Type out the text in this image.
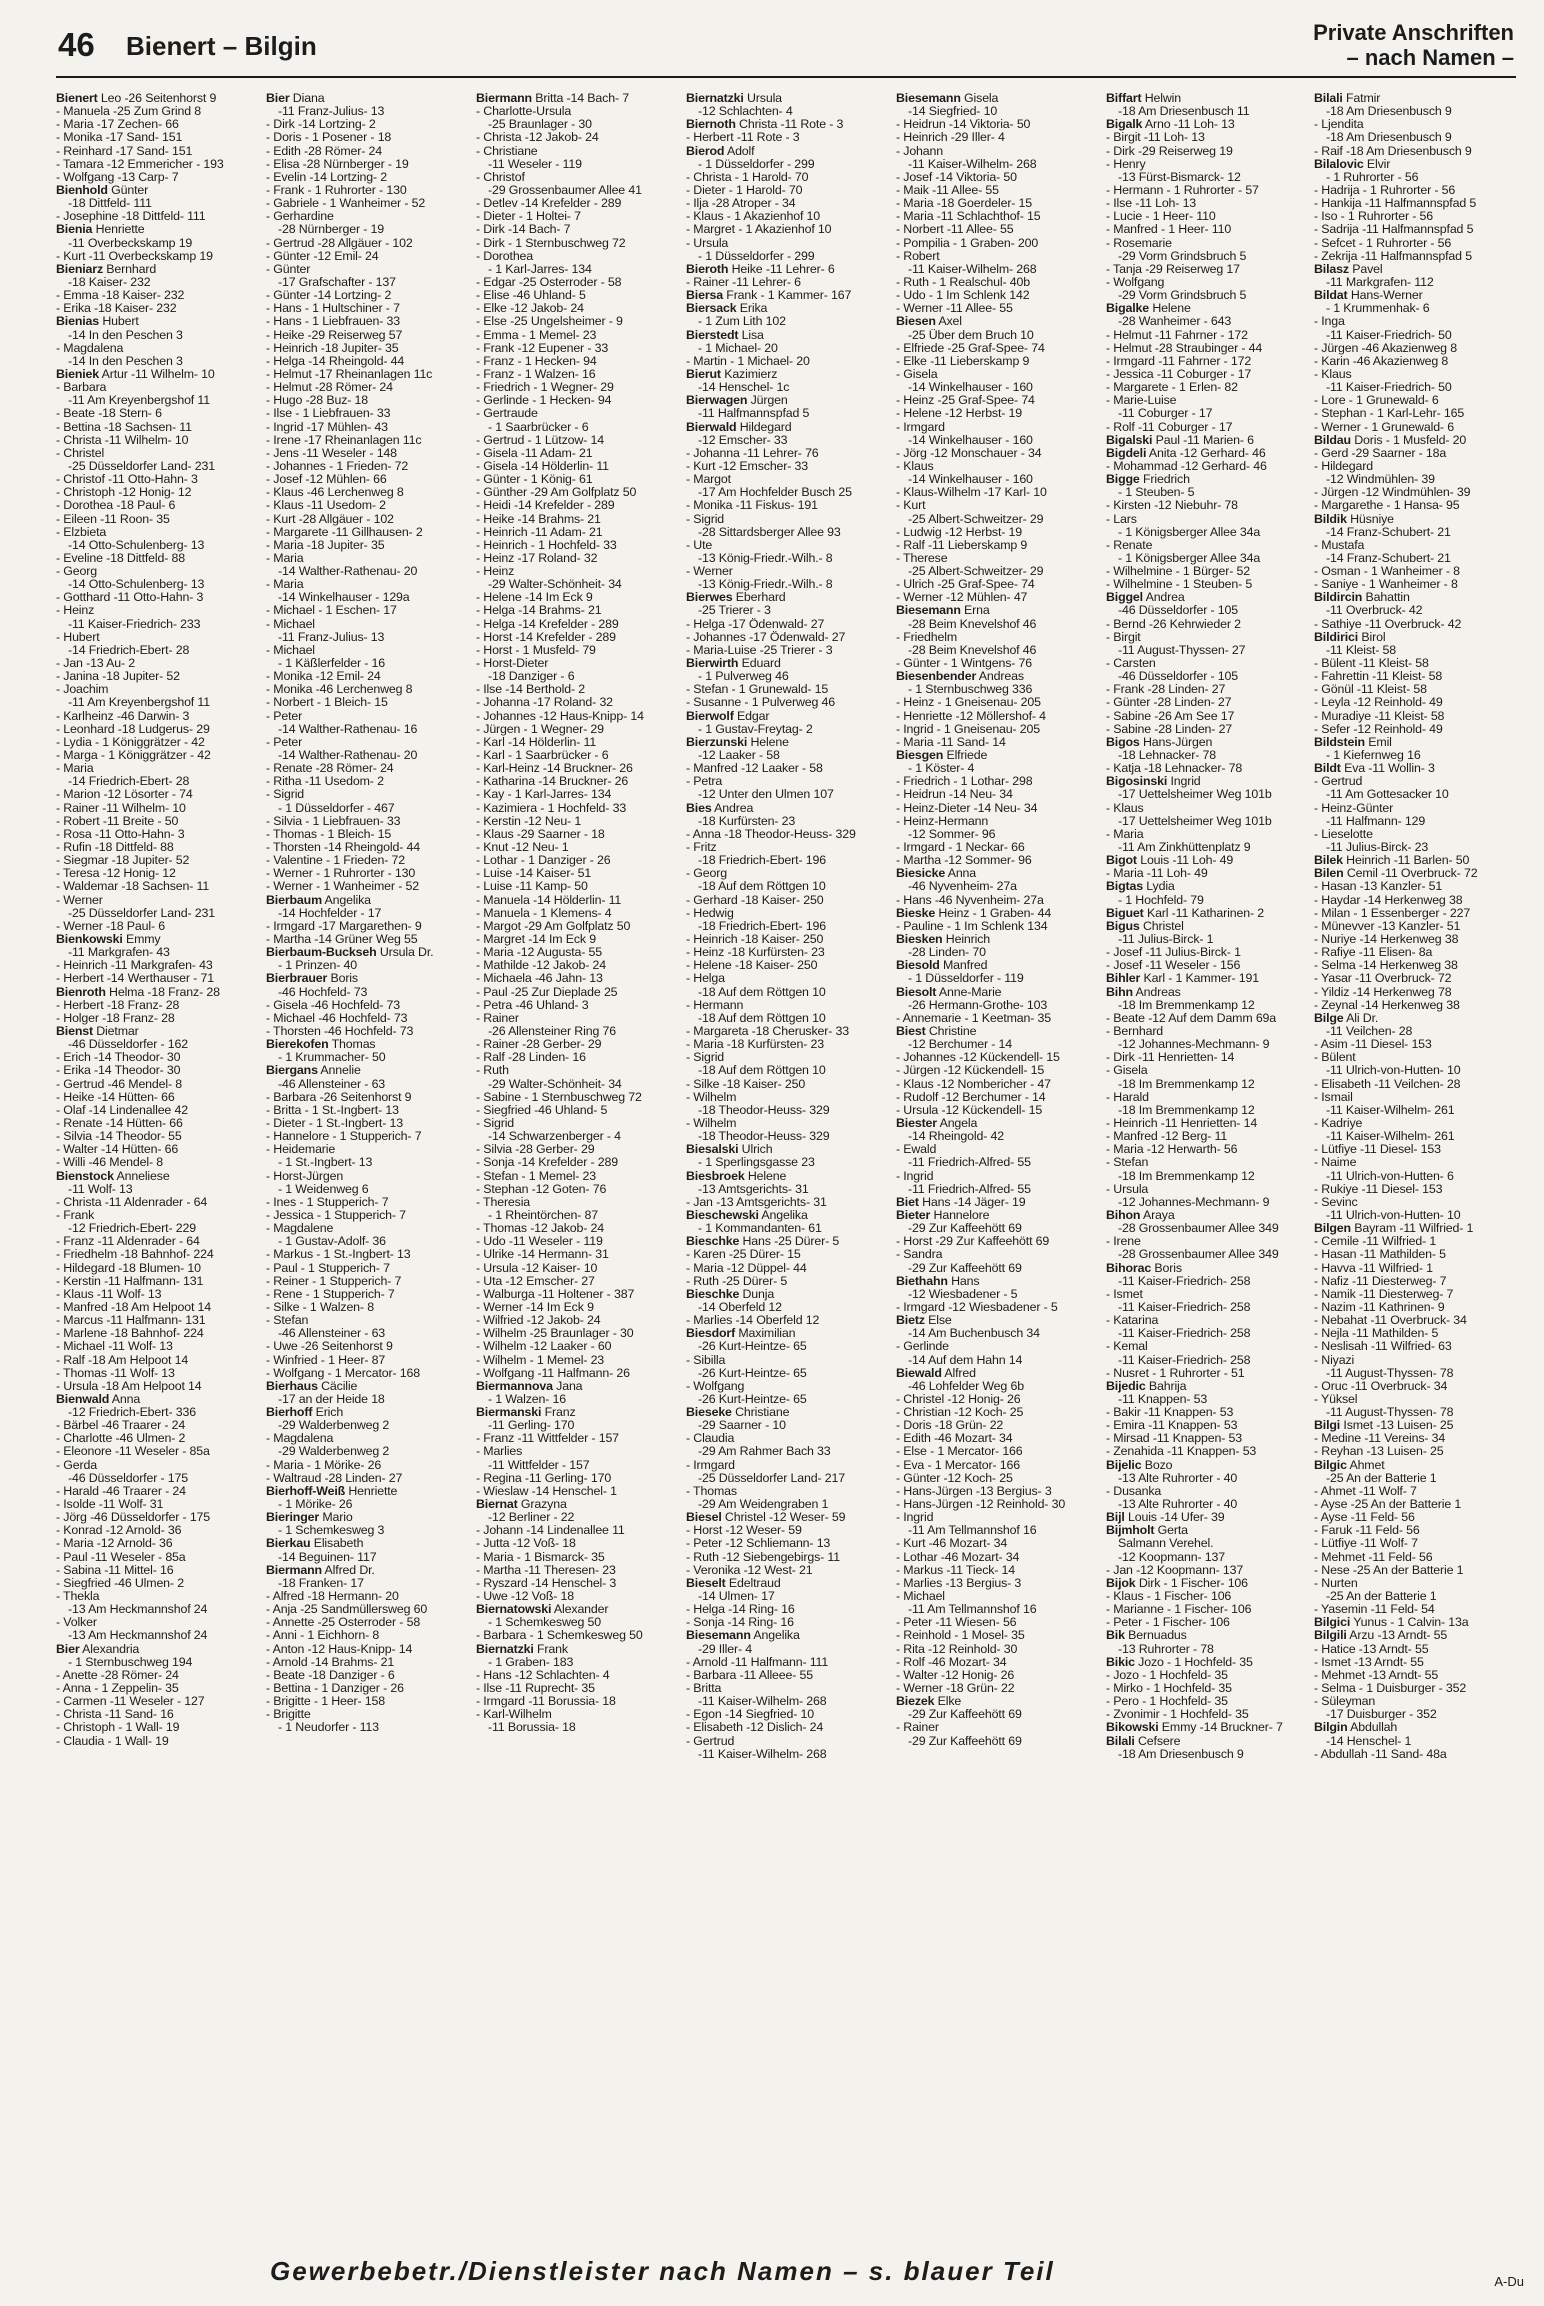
46 Bienert – Bilgin	Private Anschriften
– nach Namen –
Bienert Leo -26 Seitenhorst 9
- Manuela -25 Zum Grind 8
- Maria -17 Zechen- 66
- Monika -17 Sand- 151
- Reinhard -17 Sand- 151
- Tamara -12 Emmericher - 193
- Wolfgang -13 Carp- 7
Bienhold Günter
-18 Dittfeld- 111
- Josephine -18 Dittfeld- 111
Bienia Henriette
-11 Overbeckskamp 19
- Kurt -11 Overbeckskamp 19
Bieniarz Bernhard
-18 Kaiser- 232
- Emma -18 Kaiser- 232
- Erika -18 Kaiser- 232
Bienias Hubert
-14 In den Peschen 3
- Magdalena
-14 In den Peschen 3
Bieniek Artur -11 Wilhelm- 10
- Barbara
-11 Am Kreyenbergshof 11
- Beate -18 Stern- 6
- Bettina -18 Sachsen- 11
- Christa -11 Wilhelm- 10
- Christel
-25 Düsseldorfer Land- 231
- Christof -11 Otto-Hahn- 3
- Christoph -12 Honig- 12
- Dorothea -18 Paul- 6
- Eileen -11 Roon- 35
- Elzbieta
-14 Otto-Schulenberg- 13
- Eveline -18 Dittfeld- 88
- Georg
-14 Otto-Schulenberg- 13
- Gotthard -11 Otto-Hahn- 3
- Heinz
-11 Kaiser-Friedrich- 233
- Hubert
-14 Friedrich-Ebert- 28
- Jan -13 Au- 2
- Janina -18 Jupiter- 52
- Joachim
-11 Am Kreyenbergshof 11
- Karlheinz -46 Darwin- 3
- Leonhard -18 Ludgerus- 29
- Lydia - 1 Königgrätzer - 42
- Marga - 1 Königgrätzer - 42
- Maria
-14 Friedrich-Ebert- 28
- Marion -12 Lösorter - 74
- Rainer -11 Wilhelm- 10
- Robert -11 Breite - 50
- Rosa -11 Otto-Hahn- 3
- Rufin -18 Dittfeld- 88
- Siegmar -18 Jupiter- 52
- Teresa -12 Honig- 12
- Waldemar -18 Sachsen- 11
- Werner
-25 Düsseldorfer Land- 231
- Werner -18 Paul- 6
Bienkowski Emmy
-11 Markgrafen- 43
- Heinrich -11 Markgrafen- 43
- Herbert -14 Werthauser - 71
Bienroth Helma -18 Franz- 28
- Herbert -18 Franz- 28
- Holger -18 Franz- 28
Bienst Dietmar
-46 Düsseldorfer - 162
- Erich -14 Theodor- 30
- Erika -14 Theodor- 30
- Gertrud -46 Mendel- 8
- Heike -14 Hütten- 66
- Olaf -14 Lindenallee 42
- Renate -14 Hütten- 66
- Silvia -14 Theodor- 55
- Walter -14 Hütten- 66
- Willi -46 Mendel- 8
Bienstock Anneliese
-11 Wolf- 13
- Christa -11 Aldenrader - 64
- Frank
-12 Friedrich-Ebert- 229
- Franz -11 Aldenrader - 64
- Friedhelm -18 Bahnhof- 224
- Hildegard -18 Blumen- 10
- Kerstin -11 Halfmann- 131
- Klaus -11 Wolf- 13
- Manfred -18 Am Helpoot 14
- Marcus -11 Halfmann- 131
- Marlene -18 Bahnhof- 224
- Michael -11 Wolf- 13
- Ralf -18 Am Helpoot 14
- Thomas -11 Wolf- 13
- Ursula -18 Am Helpoot 14
Bienwald Anna
-12 Friedrich-Ebert- 336
- Bärbel -46 Traarer - 24
- Charlotte -46 Ulmen- 2
- Eleonore -11 Weseler - 85a
- Gerda
-46 Düsseldorfer - 175
- Harald -46 Traarer - 24
- Isolde -11 Wolf- 31
- Jörg -46 Düsseldorfer - 175
- Konrad -12 Arnold- 36
- Maria -12 Arnold- 36
- Paul -11 Weseler - 85a
- Sabina -11 Mittel- 16
- Siegfried -46 Ulmen- 2
- Thekla
-13 Am Heckmannshof 24
- Volker
-13 Am Heckmannshof 24
Bier Alexandria
- 1 Sternbuschweg 194
- Anette -28 Römer- 24
- Anna - 1 Zeppelin- 35
- Carmen -11 Weseler - 127
- Christa -11 Sand- 16
- Christoph - 1 Wall- 19
- Claudia - 1 Wall- 19
Bier Diana
-11 Franz-Julius- 13
- Dirk -14 Lortzing- 2
- Doris - 1 Posener - 18
- Edith -28 Römer- 24
- Elisa -28 Nürnberger - 19
- Evelin -14 Lortzing- 2
- Frank - 1 Ruhrorter - 130
- Gabriele - 1 Wanheimer - 52
- Gerhardine
-28 Nürnberger - 19
- Gertrud -28 Allgäuer - 102
- Günter -12 Emil- 24
- Günter
-17 Grafschafter - 137
- Günter -14 Lortzing- 2
- Hans - 1 Hultschiner - 7
- Hans - 1 Liebfrauen- 33
- Heike -29 Reiserweg 57
- Heinrich -18 Jupiter- 35
- Helga -14 Rheingold- 44
- Helmut -17 Rheinanlagen 11c
- Helmut -28 Römer- 24
- Hugo -28 Buz- 18
- Ilse - 1 Liebfrauen- 33
- Ingrid -17 Mühlen- 43
- Irene -17 Rheinanlagen 11c
- Jens -11 Weseler - 148
- Johannes - 1 Frieden- 72
- Josef -12 Mühlen- 66
- Klaus -46 Lerchenweg 8
- Klaus -11 Usedom- 2
- Kurt -28 Allgäuer - 102
- Margarete -11 Gillhausen- 2
- Maria -18 Jupiter- 35
- Maria
-14 Walther-Rathenau- 20
- Maria
-14 Winkelhauser - 129a
- Michael - 1 Eschen- 17
- Michael
-11 Franz-Julius- 13
- Michael
- 1 Käßlerfelder - 16
- Monika -12 Emil- 24
- Monika -46 Lerchenweg 8
- Norbert - 1 Bleich- 15
- Peter
-14 Walther-Rathenau- 16
- Peter
-14 Walther-Rathenau- 20
- Renate -28 Römer- 24
- Ritha -11 Usedom- 2
- Sigrid
- 1 Düsseldorfer - 467
- Silvia - 1 Liebfrauen- 33
- Thomas - 1 Bleich- 15
- Thorsten -14 Rheingold- 44
- Valentine - 1 Frieden- 72
- Werner - 1 Ruhrorter - 130
- Werner - 1 Wanheimer - 52
Bierbaum Angelika
-14 Hochfelder - 17
- Irmgard -17 Margarethen- 9
- Martha -14 Grüner Weg 55
Bierbaum-Buckseh Ursula Dr.
- 1 Prinzen- 40
Bierbrauer Boris
-46 Hochfeld- 73
- Gisela -46 Hochfeld- 73
- Michael -46 Hochfeld- 73
- Thorsten -46 Hochfeld- 73
Bierekofen Thomas
- 1 Krummacher- 50
Biergans Annelie
-46 Allensteiner - 63
- Barbara -26 Seitenhorst 9
- Britta - 1 St.-Ingbert- 13
- Dieter - 1 St.-Ingbert- 13
- Hannelore - 1 Stupperich- 7
- Heidemarie
- 1 St.-Ingbert- 13
- Horst-Jürgen
- 1 Weidenweg 6
- Ines - 1 Stupperich- 7
- Jessica - 1 Stupperich- 7
- Magdalene
- 1 Gustav-Adolf- 36
- Markus - 1 St.-Ingbert- 13
- Paul - 1 Stupperich- 7
- Reiner - 1 Stupperich- 7
- Rene - 1 Stupperich- 7
- Silke - 1 Walzen- 8
- Stefan
-46 Allensteiner - 63
- Uwe -26 Seitenhorst 9
- Winfried - 1 Heer- 87
- Wolfgang - 1 Mercator- 168
Bierhaus Cäcilie
-17 an der Heide 18
Bierhoff Erich
-29 Walderbenweg 2
- Magdalena
-29 Walderbenweg 2
- Maria - 1 Mörike- 26
- Waltraud -28 Linden- 27
Bierhoff-Weiß Henriette
- 1 Mörike- 26
Bieringer Mario
- 1 Schemkesweg 3
Bierkau Elisabeth
-14 Beguinen- 117
Biermann Alfred Dr.
-18 Franken- 17
- Alfred -18 Hermann- 20
- Anja -25 Sandmüllersweg 60
- Annette -25 Osterroder - 58
- Anni - 1 Eichhorn- 8
- Anton -12 Haus-Knipp- 14
- Arnold -14 Brahms- 21
- Beate -18 Danziger - 6
- Bettina - 1 Danziger - 26
- Brigitte - 1 Heer- 158
- Brigitte
- 1 Neudorfer - 113
Biermann Britta -14 Bach- 7
- Charlotte-Ursula
-25 Braunlager - 30
- Christa -12 Jakob- 24
- Christiane
-11 Weseler - 119
- Christof
-29 Grossenbaumer Allee 41
- Detlev -14 Krefelder - 289
- Dieter - 1 Holtei- 7
- Dirk -14 Bach- 7
- Dirk - 1 Sternbuschweg 72
- Dorothea
- 1 Karl-Jarres- 134
- Edgar -25 Osterroder - 58
- Elise -46 Uhland- 5
- Elke -12 Jakob- 24
- Else -25 Ungelsheimer - 9
- Emma - 1 Memel- 23
- Frank -12 Eupener - 33
- Franz - 1 Hecken- 94
- Franz - 1 Walzen- 16
- Friedrich - 1 Wegner- 29
- Gerlinde - 1 Hecken- 94
- Gertraude
- 1 Saarbrücker - 6
- Gertrud - 1 Lützow- 14
- Gisela -11 Adam- 21
- Gisela -14 Hölderlin- 11
- Günter - 1 König- 61
- Günther -29 Am Golfplatz 50
- Heidi -14 Krefelder - 289
- Heike -14 Brahms- 21
- Heinrich -11 Adam- 21
- Heinrich - 1 Hochfeld- 33
- Heinz -17 Roland- 32
- Heinz
-29 Walter-Schönheit- 34
- Helene -14 Im Eck 9
- Helga -14 Brahms- 21
- Helga -14 Krefelder - 289
- Horst -14 Krefelder - 289
- Horst - 1 Musfeld- 79
- Horst-Dieter
-18 Danziger - 6
- Ilse -14 Berthold- 2
- Johanna -17 Roland- 32
- Johannes -12 Haus-Knipp- 14
- Jürgen - 1 Wegner- 29
- Karl -14 Hölderlin- 11
- Karl - 1 Saarbrücker - 6
- Karl-Heinz -14 Bruckner- 26
- Katharina -14 Bruckner- 26
- Kay - 1 Karl-Jarres- 134
- Kazimiera - 1 Hochfeld- 33
- Kerstin -12 Neu- 1
- Klaus -29 Saarner - 18
- Knut -12 Neu- 1
- Lothar - 1 Danziger - 26
- Luise -14 Kaiser- 51
- Luise -11 Kamp- 50
- Manuela -14 Hölderlin- 11
- Manuela - 1 Klemens- 4
- Margot -29 Am Golfplatz 50
- Margret -14 Im Eck 9
- Maria -12 Augusta- 55
- Mathilde -12 Jakob- 24
- Michaela -46 Jahn- 13
- Paul -25 Zur Dieplade 25
- Petra -46 Uhland- 3
- Rainer
-26 Allensteiner Ring 76
- Rainer -28 Gerber- 29
- Ralf -28 Linden- 16
- Ruth
-29 Walter-Schönheit- 34
- Sabine - 1 Sternbuschweg 72
- Siegfried -46 Uhland- 5
- Sigrid
-14 Schwarzenberger - 4
- Silvia -28 Gerber- 29
- Sonja -14 Krefelder - 289
- Stefan - 1 Memel- 23
- Stephan -12 Goten- 76
- Theresia
- 1 Rheintörchen- 87
- Thomas -12 Jakob- 24
- Udo -11 Weseler - 119
- Ulrike -14 Hermann- 31
- Ursula -12 Kaiser- 10
- Uta -12 Emscher- 27
- Walburga -11 Holtener - 387
- Werner -14 Im Eck 9
- Wilfried -12 Jakob- 24
- Wilhelm -25 Braunlager - 30
- Wilhelm -12 Laaker - 60
- Wilhelm - 1 Memel- 23
- Wolfgang -11 Halfmann- 26
Biermannova Jana
- 1 Walzen- 16
Biermanski Franz
-11 Gerling- 170
- Franz -11 Wittfelder - 157
- Marlies
-11 Wittfelder - 157
- Regina -11 Gerling- 170
- Wieslaw -14 Henschel- 1
Biernat Grazyna
-12 Berliner - 22
- Johann -14 Lindenallee 11
- Jutta -12 Voß- 18
- Maria - 1 Bismarck- 35
- Martha -11 Theresen- 23
- Ryszard -14 Henschel- 3
- Uwe -12 Voß- 18
Biernatowski Alexander
- 1 Schemkesweg 50
- Barbara - 1 Schemkesweg 50
Biernatzki Frank
- 1 Graben- 183
- Hans -12 Schlachten- 4
- Ilse -11 Ruprecht- 35
- Irmgard -11 Borussia- 18
- Karl-Wilhelm
-11 Borussia- 18
Biernatzki Ursula
-12 Schlachten- 4
Biernoth Christa -11 Rote - 3
- Herbert -11 Rote - 3
Bierod Adolf
- 1 Düsseldorfer - 299
- Christa - 1 Harold- 70
- Dieter - 1 Harold- 70
- Ilja -28 Atroper - 34
- Klaus - 1 Akazienhof 10
- Margret - 1 Akazienhof 10
- Ursula
- 1 Düsseldorfer - 299
Bieroth Heike -11 Lehrer- 6
- Rainer -11 Lehrer- 6
Biersa Frank - 1 Kammer- 167
Biersack Erika
- 1 Zum Lith 102
Bierstedt Lisa
- 1 Michael- 20
- Martin - 1 Michael- 20
Bierut Kazimierz
-14 Henschel- 1c
Bierwagen Jürgen
-11 Halfmannspfad 5
Bierwald Hildegard
-12 Emscher- 33
- Johanna -11 Lehrer- 76
- Kurt -12 Emscher- 33
- Margot
-17 Am Hochfelder Busch 25
- Monika -11 Fiskus- 191
- Sigrid
-28 Sittardsberger Allee 93
- Ute
-13 König-Friedr.-Wilh.- 8
- Werner
-13 König-Friedr.-Wilh.- 8
Bierwes Eberhard
-25 Trierer - 3
- Helga -17 Ödenwald- 27
- Johannes -17 Ödenwald- 27
- Maria-Luise -25 Trierer - 3
Bierwirth Eduard
- 1 Pulverweg 46
- Stefan - 1 Grunewald- 15
- Susanne - 1 Pulverweg 46
Bierwolf Edgar
- 1 Gustav-Freytag- 2
Bierzunski Helene
-12 Laaker - 58
- Manfred -12 Laaker - 58
- Petra
-12 Unter den Ulmen 107
Bies Andrea
-18 Kurfürsten- 23
- Anna -18 Theodor-Heuss- 329
- Fritz
-18 Friedrich-Ebert- 196
- Georg
-18 Auf dem Röttgen 10
- Gerhard -18 Kaiser- 250
- Hedwig
-18 Friedrich-Ebert- 196
- Heinrich -18 Kaiser- 250
- Heinz -18 Kurfürsten- 23
- Helene -18 Kaiser- 250
- Helga
-18 Auf dem Röttgen 10
- Hermann
-18 Auf dem Röttgen 10
- Margareta -18 Cherusker- 33
- Maria -18 Kurfürsten- 23
- Sigrid
-18 Auf dem Röttgen 10
- Silke -18 Kaiser- 250
- Wilhelm
-18 Theodor-Heuss- 329
- Wilhelm
-18 Theodor-Heuss- 329
Biesalski Ulrich
- 1 Sperlingsgasse 23
Biesbroek Helene
-13 Amtsgerichts- 31
- Jan -13 Amtsgerichts- 31
Bieschewski Angelika
- 1 Kommandanten- 61
Bieschke Hans -25 Dürer- 5
- Karen -25 Dürer- 15
- Maria -12 Düppel- 44
- Ruth -25 Dürer- 5
Bieschke Dunja
-14 Oberfeld 12
- Marlies -14 Oberfeld 12
Biesdorf Maximilian
-26 Kurt-Heintze- 65
- Sibilla
-26 Kurt-Heintze- 65
- Wolfgang
-26 Kurt-Heintze- 65
Bieseke Christiane
-29 Saarner - 10
- Claudia
-29 Am Rahmer Bach 33
- Irmgard
-25 Düsseldorfer Land- 217
- Thomas
-29 Am Weidengraben 1
Biesel Christel -12 Weser- 59
- Horst -12 Weser- 59
- Peter -12 Schliemann- 13
- Ruth -12 Siebengebirgs- 11
- Veronika -12 West- 21
Bieselt Edeltraud
-14 Ulmen- 17
- Helga -14 Ring- 16
- Sonja -14 Ring- 16
Biesemann Angelika
-29 Iller- 4
- Arnold -11 Halfmann- 111
- Barbara -11 Alleee- 55
- Britta
-11 Kaiser-Wilhelm- 268
- Egon -14 Siegfried- 10
- Elisabeth -12 Dislich- 24
- Gertrud
-11 Kaiser-Wilhelm- 268
Biesemann Gisela
-14 Siegfried- 10
- Heidrun -14 Viktoria- 50
- Heinrich -29 Iller- 4
- Johann
-11 Kaiser-Wilhelm- 268
- Josef -14 Viktoria- 50
- Maik -11 Allee- 55
- Maria -18 Goerdeler- 15
- Maria -11 Schlachthof- 15
- Norbert -11 Allee- 55
- Pompilia - 1 Graben- 200
- Robert
-11 Kaiser-Wilhelm- 268
- Ruth - 1 Realschul- 40b
- Udo - 1 Im Schlenk 142
- Werner -11 Allee- 55
Biesen Axel
-25 Über dem Bruch 10
- Elfriede -25 Graf-Spee- 74
- Elke -11 Lieberskamp 9
- Gisela
-14 Winkelhauser - 160
- Heinz -25 Graf-Spee- 74
- Helene -12 Herbst- 19
- Irmgard
-14 Winkelhauser - 160
- Jörg -12 Monschauer - 34
- Klaus
-14 Winkelhauser - 160
- Klaus-Wilhelm -17 Karl- 10
- Kurt
-25 Albert-Schweitzer- 29
- Ludwig -12 Herbst- 19
- Ralf -11 Lieberskamp 9
- Therese
-25 Albert-Schweitzer- 29
- Ulrich -25 Graf-Spee- 74
- Werner -12 Mühlen- 47
Biesemann Erna
-28 Beim Knevelshof 46
- Friedhelm
-28 Beim Knevelshof 46
- Günter - 1 Wintgens- 76
Biesenbender Andreas
- 1 Sternbuschweg 336
- Heinz - 1 Gneisenau- 205
- Henriette -12 Möllershof- 4
- Ingrid - 1 Gneisenau- 205
- Maria -11 Sand- 14
Biesgen Elfriede
- 1 Köster- 4
- Friedrich - 1 Lothar- 298
- Heidrun -14 Neu- 34
- Heinz-Dieter -14 Neu- 34
- Heinz-Hermann
-12 Sommer- 96
- Irmgard - 1 Neckar- 66
- Martha -12 Sommer- 96
Biesicke Anna
-46 Nyvenheim- 27a
- Hans -46 Nyvenheim- 27a
Bieske Heinz - 1 Graben- 44
- Pauline - 1 Im Schlenk 134
Biesken Heinrich
-28 Linden- 70
Biesold Manfred
- 1 Düsseldorfer - 119
Biesolt Anne-Marie
-26 Hermann-Grothe- 103
- Annemarie - 1 Keetman- 35
Biest Christine
-12 Berchumer - 14
- Johannes -12 Kückendell- 15
- Jürgen -12 Kückendell- 15
- Klaus -12 Nombericher - 47
- Rudolf -12 Berchumer - 14
- Ursula -12 Kückendell- 15
Biester Angela
-14 Rheingold- 42
- Ewald
-11 Friedrich-Alfred- 55
- Ingrid
-11 Friedrich-Alfred- 55
Biet Hans -14 Jäger- 19
Bieter Hannelore
-29 Zur Kaffeehött 69
- Horst -29 Zur Kaffeehött 69
- Sandra
-29 Zur Kaffeehött 69
Biethahn Hans
-12 Wiesbadener - 5
- Irmgard -12 Wiesbadener - 5
Bietz Else
-14 Am Buchenbusch 34
- Gerlinde
-14 Auf dem Hahn 14
Biewald Alfred
-46 Lohfelder Weg 6b
- Christel -12 Honig- 26
- Christian -12 Koch- 25
- Doris -18 Grün- 22
- Edith -46 Mozart- 34
- Else - 1 Mercator- 166
- Eva - 1 Mercator- 166
- Günter -12 Koch- 25
- Hans-Jürgen -13 Bergius- 3
- Hans-Jürgen -12 Reinhold- 30
- Ingrid
-11 Am Tellmannshof 16
- Kurt -46 Mozart- 34
- Lothar -46 Mozart- 34
- Markus -11 Tieck- 14
- Marlies -13 Bergius- 3
- Michael
-11 Am Tellmannshof 16
- Peter -11 Wiesen- 56
- Reinhold - 1 Mosel- 35
- Rita -12 Reinhold- 30
- Rolf -46 Mozart- 34
- Walter -12 Honig- 26
- Werner -18 Grün- 22
Biezek Elke
-29 Zur Kaffeehött 69
- Rainer
-29 Zur Kaffeehött 69
Biffart Helwin
-18 Am Driesenbusch 11
Bigalk Arno -11 Loh- 13
- Birgit -11 Loh- 13
- Dirk -29 Reiserweg 19
- Henry
-13 Fürst-Bismarck- 12
- Hermann - 1 Ruhrorter - 57
- Ilse -11 Loh- 13
- Lucie - 1 Heer- 110
- Manfred - 1 Heer- 110
- Rosemarie
-29 Vorm Grindsbruch 5
- Tanja -29 Reiserweg 17
- Wolfgang
-29 Vorm Grindsbruch 5
Bigalke Helene
-28 Wanheimer - 643
- Helmut -11 Fahrner - 172
- Helmut -28 Straubinger - 44
- Irmgard -11 Fahrner - 172
- Jessica -11 Coburger - 17
- Margarete - 1 Erlen- 82
- Marie-Luise
-11 Coburger - 17
- Rolf -11 Coburger - 17
Bigalski Paul -11 Marien- 6
Bigdeli Anita -12 Gerhard- 46
- Mohammad -12 Gerhard- 46
Bigge Friedrich
- 1 Steuben- 5
- Kirsten -12 Niebuhr- 78
- Lars
- 1 Königsberger Allee 34a
- Renate
- 1 Königsberger Allee 34a
- Wilhelmine - 1 Bürger- 52
- Wilhelmine - 1 Steuben- 5
Biggel Andrea
-46 Düsseldorfer - 105
- Bernd -26 Kehrwieder 2
- Birgit
-11 August-Thyssen- 27
- Carsten
-46 Düsseldorfer - 105
- Frank -28 Linden- 27
- Günter -28 Linden- 27
- Sabine -26 Am See 17
- Sabine -28 Linden- 27
Bigos Hans-Jürgen
-18 Lehnacker- 78
- Katja -18 Lehnacker- 78
Bigosinski Ingrid
-17 Uettelsheimer Weg 101b
- Klaus
-17 Uettelsheimer Weg 101b
- Maria
-11 Am Zinkhüttenplatz 9
Bigot Louis -11 Loh- 49
- Maria -11 Loh- 49
Bigtas Lydia
- 1 Hochfeld- 79
Biguet Karl -11 Katharinen- 2
Bigus Christel
-11 Julius-Birck- 1
- Josef -11 Julius-Birck- 1
- Josef -11 Weseler - 156
Bihler Karl - 1 Kammer- 191
Bihn Andreas
-18 Im Bremmenkamp 12
- Beate -12 Auf dem Damm 69a
- Bernhard
-12 Johannes-Mechmann- 9
- Dirk -11 Henrietten- 14
- Gisela
-18 Im Bremmenkamp 12
- Harald
-18 Im Bremmenkamp 12
- Heinrich -11 Henrietten- 14
- Manfred -12 Berg- 11
- Maria -12 Herwarth- 56
- Stefan
-18 Im Bremmenkamp 12
- Ursula
-12 Johannes-Mechmann- 9
Bihon Araya
-28 Grossenbaumer Allee 349
- Irene
-28 Grossenbaumer Allee 349
Bihorac Boris
-11 Kaiser-Friedrich- 258
- Ismet
-11 Kaiser-Friedrich- 258
- Katarina
-11 Kaiser-Friedrich- 258
- Kemal
-11 Kaiser-Friedrich- 258
- Nusret - 1 Ruhrorter - 51
Bijedic Bahrija
-11 Knappen- 53
- Bakir -11 Knappen- 53
- Emira -11 Knappen- 53
- Mirsad -11 Knappen- 53
- Zenahida -11 Knappen- 53
Bijelic Bozo
-13 Alte Ruhrorter - 40
- Dusanka
-13 Alte Ruhrorter - 40
Bijl Louis -14 Ufer- 39
Bijmholt Gerta
Salmann Verehel.
-12 Koopmann- 137
- Jan -12 Koopmann- 137
Bijok Dirk - 1 Fischer- 106
- Klaus - 1 Fischer- 106
- Marianne - 1 Fischer- 106
- Peter - 1 Fischer- 106
Bik Bernuadus
-13 Ruhrorter - 78
Bikic Jozo - 1 Hochfeld- 35
- Jozo - 1 Hochfeld- 35
- Mirko - 1 Hochfeld- 35
- Pero - 1 Hochfeld- 35
- Zvonimir - 1 Hochfeld- 35
Bikowski Emmy -14 Bruckner- 7
Bilali Cefsere
-18 Am Driesenbusch 9
Bilali Fatmir
-18 Am Driesenbusch 9
- Ljendita
-18 Am Driesenbusch 9
- Raif -18 Am Driesenbusch 9
Bilalovic Elvir
- 1 Ruhrorter - 56
- Hadrija - 1 Ruhrorter - 56
- Hankija -11 Halfmannspfad 5
- Iso - 1 Ruhrorter - 56
- Sadrija -11 Halfmannspfad 5
- Sefcet - 1 Ruhrorter - 56
- Zekrija -11 Halfmannspfad 5
Bilasz Pavel
-11 Markgrafen- 112
Bildat Hans-Werner
- 1 Krummenhak- 6
- Inga
-11 Kaiser-Friedrich- 50
- Jürgen -46 Akazienweg 8
- Karin -46 Akazienweg 8
- Klaus
-11 Kaiser-Friedrich- 50
- Lore - 1 Grunewald- 6
- Stephan - 1 Karl-Lehr- 165
- Werner - 1 Grunewald- 6
Bildau Doris - 1 Musfeld- 20
- Gerd -29 Saarner - 18a
- Hildegard
-12 Windmühlen- 39
- Jürgen -12 Windmühlen- 39
- Margarethe - 1 Hansa- 95
Bildik Hüsniye
-14 Franz-Schubert- 21
- Mustafa
-14 Franz-Schubert- 21
- Osman - 1 Wanheimer - 8
- Saniye - 1 Wanheimer - 8
Bildircin Bahattin
-11 Overbruck- 42
- Sathiye -11 Overbruck- 42
Bildirici Birol
-11 Kleist- 58
- Bülent -11 Kleist- 58
- Fahrettin -11 Kleist- 58
- Gönül -11 Kleist- 58
- Leyla -12 Reinhold- 49
- Muradiye -11 Kleist- 58
- Sefer -12 Reinhold- 49
Bildstein Emil
- 1 Kiefernweg 16
Bildt Eva -11 Wollin- 3
- Gertrud
-11 Am Gottesacker 10
- Heinz-Günter
-11 Halfmann- 129
- Lieselotte
-11 Julius-Birck- 23
Bilek Heinrich -11 Barlen- 50
Bilen Cemil -11 Overbruck- 72
- Hasan -13 Kanzler- 51
- Haydar -14 Herkenweg 38
- Milan - 1 Essenberger - 227
- Münevver -13 Kanzler- 51
- Nuriye -14 Herkenweg 38
- Rafiye -11 Elisen- 8a
- Selma -14 Herkenweg 38
- Yasar -11 Overbruck- 72
- Yildiz -14 Herkenweg 78
- Zeynal -14 Herkenweg 38
Bilge Ali Dr.
-11 Veilchen- 28
- Asim -11 Diesel- 153
- Bülent
-11 Ulrich-von-Hutten- 10
- Elisabeth -11 Veilchen- 28
- Ismail
-11 Kaiser-Wilhelm- 261
- Kadriye
-11 Kaiser-Wilhelm- 261
- Lütfiye -11 Diesel- 153
- Naime
-11 Ulrich-von-Hutten- 6
- Rukiye -11 Diesel- 153
- Sevinc
-11 Ulrich-von-Hutten- 10
Bilgen Bayram -11 Wilfried- 1
- Cemile -11 Wilfried- 1
- Hasan -11 Mathilden- 5
- Havva -11 Wilfried- 1
- Nafiz -11 Diesterweg- 7
- Namik -11 Diesterweg- 7
- Nazim -11 Kathrinen- 9
- Nebahat -11 Overbruck- 34
- Nejla -11 Mathilden- 5
- Neslisah -11 Wilfried- 63
- Niyazi
-11 August-Thyssen- 78
- Oruc -11 Overbruck- 34
- Yüksel
-11 August-Thyssen- 78
Bilgi Ismet -13 Luisen- 25
- Medine -11 Vereins- 34
- Reyhan -13 Luisen- 25
Bilgic Ahmet
-25 An der Batterie 1
- Ahmet -11 Wolf- 7
- Ayse -25 An der Batterie 1
- Ayse -11 Feld- 56
- Faruk -11 Feld- 56
- Lütfiye -11 Wolf- 7
- Mehmet -11 Feld- 56
- Nese -25 An der Batterie 1
- Nurten
-25 An der Batterie 1
- Yasemin -11 Feld- 54
Bilgici Yunus - 1 Calvin- 13a
Bilgili Arzu -13 Arndt- 55
- Hatice -13 Arndt- 55
- Ismet -13 Arndt- 55
- Mehmet -13 Arndt- 55
- Selma - 1 Duisburger - 352
- Süleyman
-17 Duisburger - 352
Bilgin Abdullah
-14 Henschel- 1
- Abdullah -11 Sand- 48a
Gewerbebetr./Dienstleister nach Namen – s. blauer Teil	A-Du
